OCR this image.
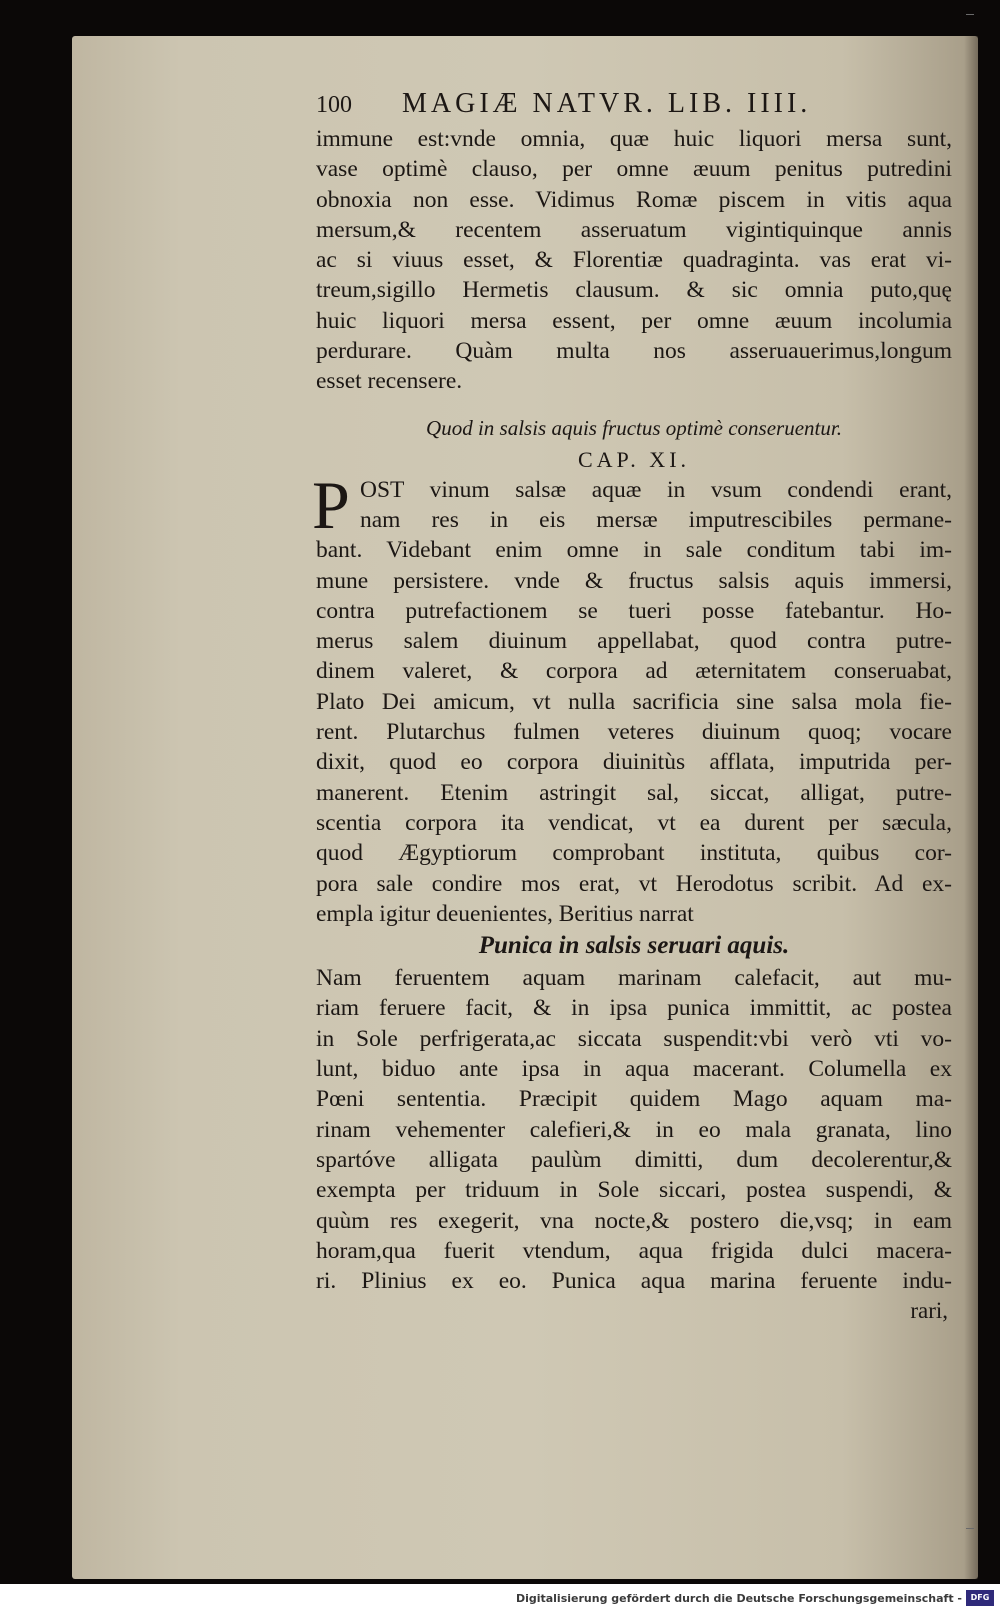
100	MAGIÆ NATVR. LIB. IIII.
immune est:vnde omnia, quæ huic liquori mersa sunt,
vase optimè clauso, per omne æuum penitus putredini
obnoxia non esse. Vidimus Romæ piscem in vitis aqua
mersum,& recentem asseruatum vigintiquinque annis
ac si viuus esset, & Florentiæ quadraginta. vas erat vi-
treum,sigillo Hermetis clausum. & sic omnia puto,quę
huic liquori mersa essent, per omne æuum incolumia
perdurare. Quàm multa nos asseruauerimus,longum
esset recensere.
Quod in salsis aquis fructus optimè conseruentur.
CAP. XI.
P OST vinum salsæ aquæ in vsum condendi erant,
nam res in eis mersæ imputrescibiles permane-
bant. Videbant enim omne in sale conditum tabi im-
mune persistere. vnde & fructus salsis aquis immersi,
contra putrefactionem se tueri posse fatebantur. Ho-
merus salem diuinum appellabat, quod contra putre-
dinem valeret, & corpora ad æternitatem conseruabat,
Plato Dei amicum, vt nulla sacrificia sine salsa mola fie-
rent. Plutarchus fulmen veteres diuinum quoq; vocare
dixit, quod eo corpora diuinitùs afflata, imputrida per-
manerent. Etenim astringit sal, siccat, alligat, putre-
scentia corpora ita vendicat, vt ea durent per sæcula,
quod Ægyptiorum comprobant instituta, quibus cor-
pora sale condire mos erat, vt Herodotus scribit. Ad ex-
empla igitur deuenientes, Beritius narrat
Punica in salsis seruari aquis.
Nam feruentem aquam marinam calefacit, aut mu-
riam feruere facit, & in ipsa punica immittit, ac postea
in Sole perfrigerata,ac siccata suspendit:vbi verò vti vo-
lunt, biduo ante ipsa in aqua macerant. Columella ex
Pœni sententia. Præcipit quidem Mago aquam ma-
rinam vehementer calefieri,& in eo mala granata, lino
spartóve alligata paulùm dimitti, dum decolerentur,&
exempta per triduum in Sole siccari, postea suspendi, &
quùm res exegerit, vna nocte,& postero die,vsq; in eam
horam,qua fuerit vtendum, aqua frigida dulci macera-
ri. Plinius ex eo. Punica aqua marina feruente indu-
rari,
Digitalisierung gefördert durch die Deutsche Forschungsgemeinschaft -	DFG
